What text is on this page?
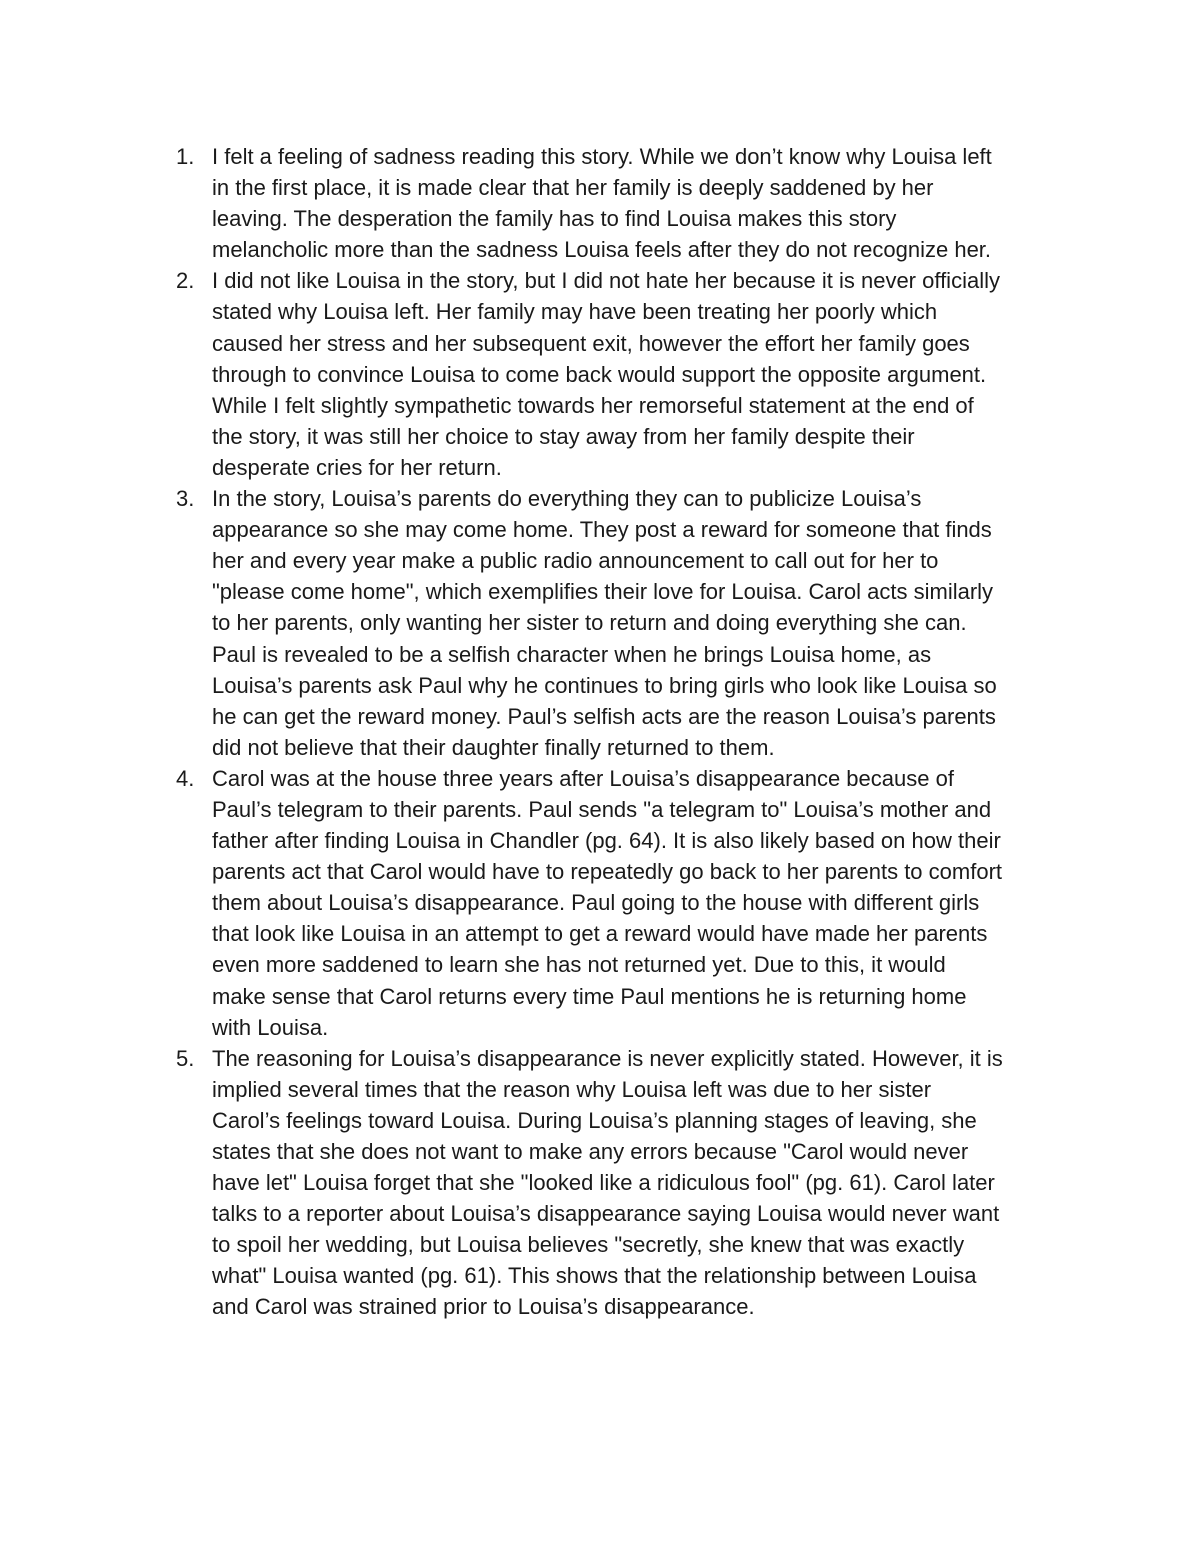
1. I felt a feeling of sadness reading this story. While we don’t know why Louisa left
in the first place, it is made clear that her family is deeply saddened by her
leaving. The desperation the family has to find Louisa makes this story
melancholic more than the sadness Louisa feels after they do not recognize her.
2. I did not like Louisa in the story, but I did not hate her because it is never officially
stated why Louisa left. Her family may have been treating her poorly which
caused her stress and her subsequent exit, however the effort her family goes
through to convince Louisa to come back would support the opposite argument.
While I felt slightly sympathetic towards her remorseful statement at the end of
the story, it was still her choice to stay away from her family despite their
desperate cries for her return.
3. In the story, Louisa’s parents do everything they can to publicize Louisa’s
appearance so she may come home. They post a reward for someone that finds
her and every year make a public radio announcement to call out for her to
"please come home", which exemplifies their love for Louisa. Carol acts similarly
to her parents, only wanting her sister to return and doing everything she can.
Paul is revealed to be a selfish character when he brings Louisa home, as
Louisa’s parents ask Paul why he continues to bring girls who look like Louisa so
he can get the reward money. Paul’s selfish acts are the reason Louisa’s parents
did not believe that their daughter finally returned to them.
4. Carol was at the house three years after Louisa’s disappearance because of
Paul’s telegram to their parents. Paul sends "a telegram to" Louisa’s mother and
father after finding Louisa in Chandler (pg. 64). It is also likely based on how their
parents act that Carol would have to repeatedly go back to her parents to comfort
them about Louisa’s disappearance. Paul going to the house with different girls
that look like Louisa in an attempt to get a reward would have made her parents
even more saddened to learn she has not returned yet. Due to this, it would
make sense that Carol returns every time Paul mentions he is returning home
with Louisa.
5. The reasoning for Louisa’s disappearance is never explicitly stated. However, it is
implied several times that the reason why Louisa left was due to her sister
Carol’s feelings toward Louisa. During Louisa’s planning stages of leaving, she
states that she does not want to make any errors because "Carol would never
have let" Louisa forget that she "looked like a ridiculous fool" (pg. 61). Carol later
talks to a reporter about Louisa’s disappearance saying Louisa would never want
to spoil her wedding, but Louisa believes "secretly, she knew that was exactly
what" Louisa wanted (pg. 61). This shows that the relationship between Louisa
and Carol was strained prior to Louisa’s disappearance.
